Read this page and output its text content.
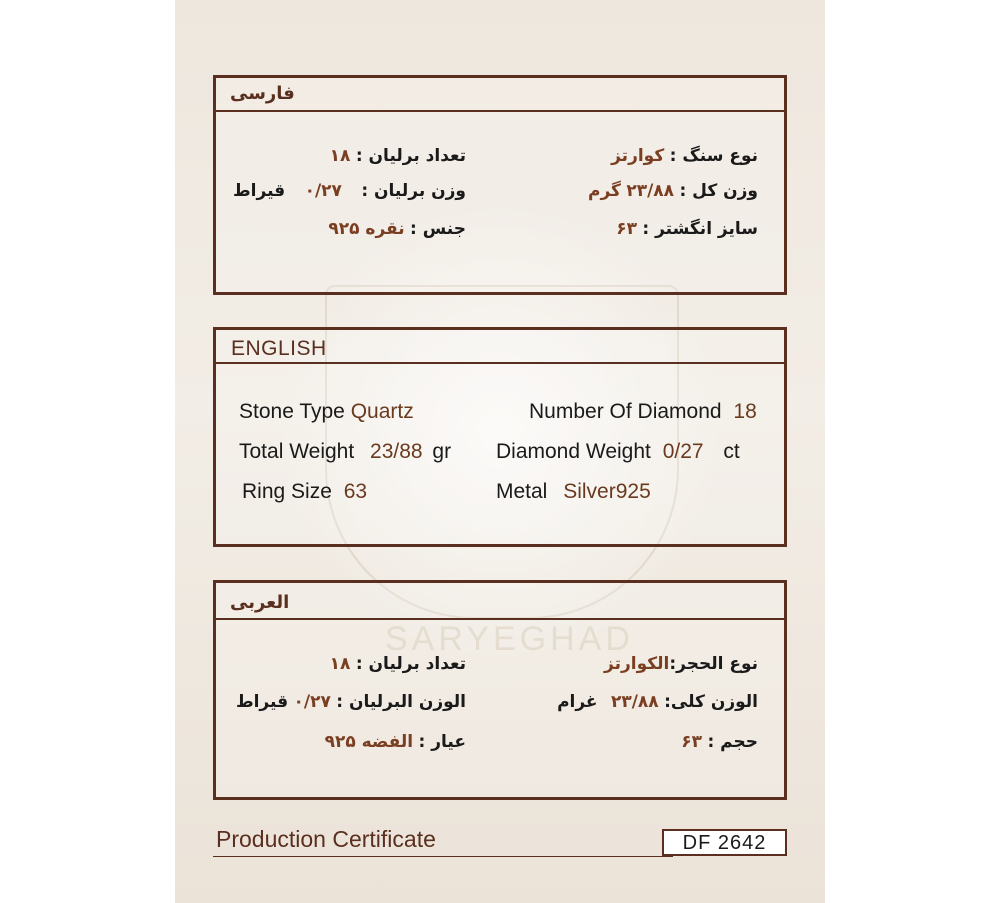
SARYEGHAD
فارسی
نوع سنگ : کوارتز
وزن کل : ۲۳/۸۸ گرم
سایز انگشتر : ۶۳
تعداد برلیان : ۱۸
وزن برلیان : ۰/۲۷ قیراط
جنس : نقره ۹۲۵
ENGLISH
Stone Type Quartz
Total Weight 23/88 gr
Ring Size 63
Number Of Diamond 18
Diamond Weight 0/27 ct
Metal Silver925
العربی
نوع الحجر:الکوارتز
الوزن کلی: ۲۳/۸۸ غرام
حجم : ۶۳
تعداد برلیان : ۱۸
الوزن البرلیان : ۰/۲۷ قیراط
عیار : الفضه ۹۲۵
Production Certificate	DF 2642
